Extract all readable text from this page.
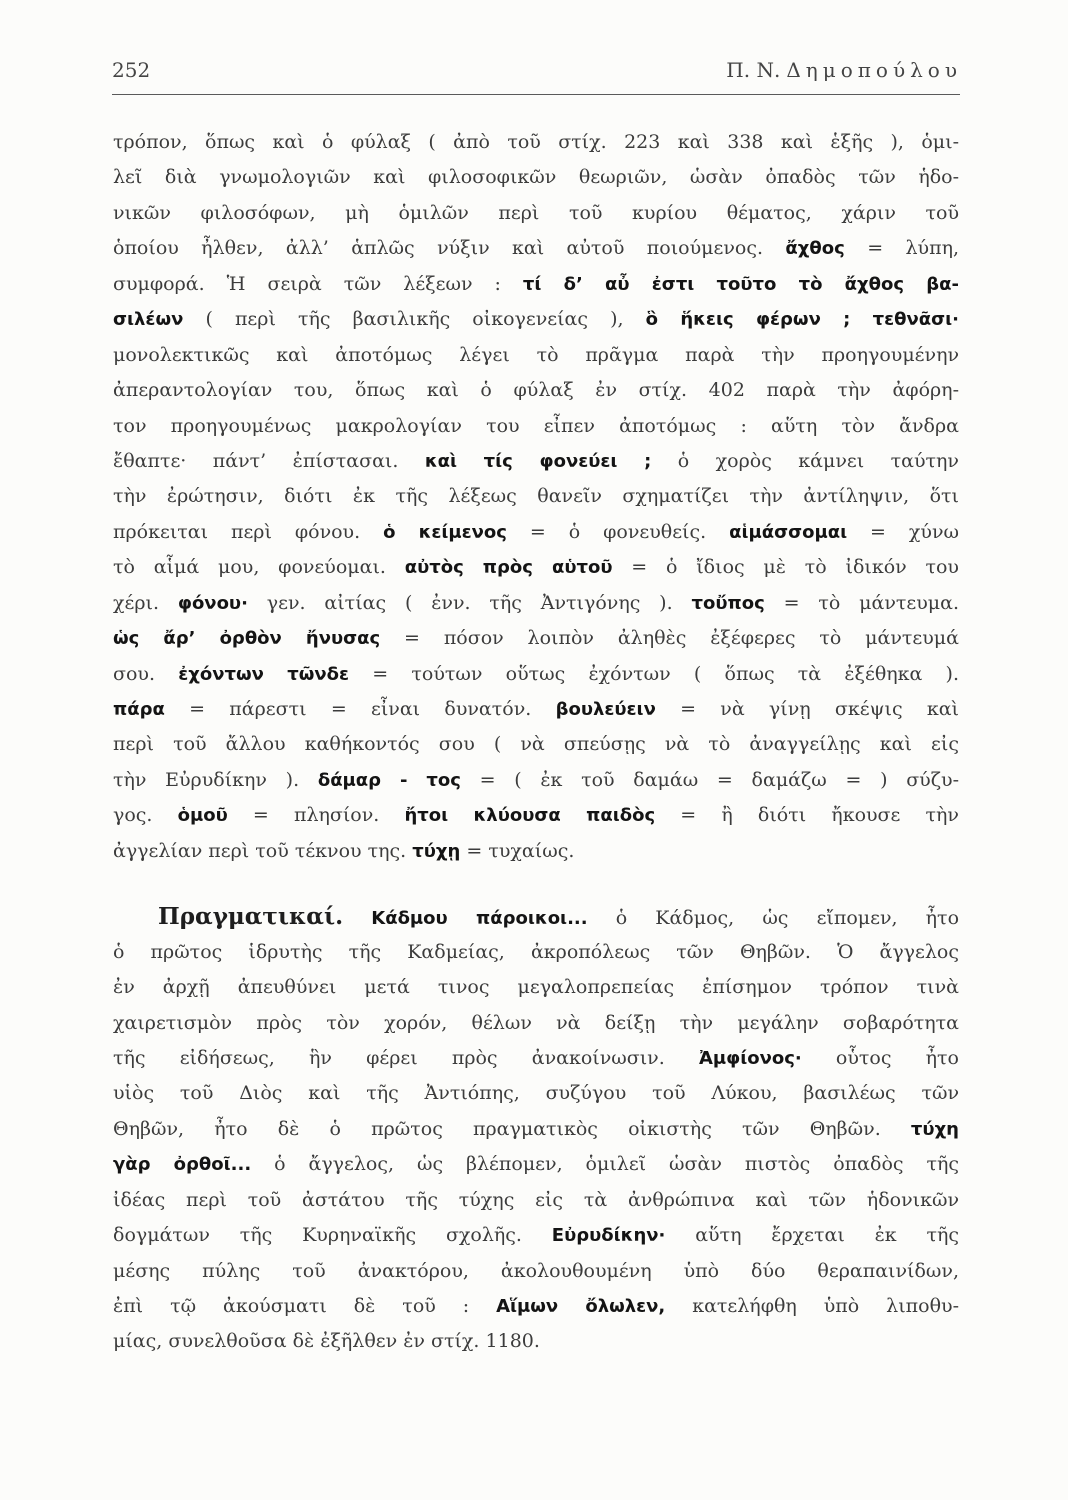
252	Π. Ν. Δημοπούλου
τρόπον, ὅπως καὶ ὁ φύλαξ ( ἀπὸ τοῦ στίχ. 223 καὶ 338 καὶ ἑξῆς ), ὁμι-
λεῖ διὰ γνωμολογιῶν καὶ φιλοσοφικῶν θεωριῶν, ὡσὰν ὀπαδὸς τῶν ἡδο-
νικῶν φιλοσόφων, μὴ ὁμιλῶν περὶ τοῦ κυρίου θέματος, χάριν τοῦ
ὁποίου ἦλθεν, ἀλλ’ ἁπλῶς νύξιν καὶ αὐτοῦ ποιούμενος. ἄχθος = λύπη,
συμφορά. Ἡ σειρὰ τῶν λέξεων : τί δ’ αὖ ἐστι τοῦτο τὸ ἄχθος βα-
σιλέων ( περὶ τῆς βασιλικῆς οἰκογενείας ), ὃ ἥκεις φέρων ; τεθνᾶσι·
μονολεκτικῶς καὶ ἀποτόμως λέγει τὸ πρᾶγμα παρὰ τὴν προηγουμένην
ἀπεραντολογίαν του, ὅπως καὶ ὁ φύλαξ ἐν στίχ. 402 παρὰ τὴν ἀφόρη-
τον προηγουμένως μακρολογίαν του εἶπεν ἀποτόμως : αὕτη τὸν ἄνδρα
ἔθαπτε· πάντ’ ἐπίστασαι. καὶ τίς φονεύει ; ὁ χορὸς κάμνει ταύτην
τὴν ἐρώτησιν, διότι ἐκ τῆς λέξεως θανεῖν σχηματίζει τὴν ἀντίληψιν, ὅτι
πρόκειται περὶ φόνου. ὁ κείμενος = ὁ φονευθείς. αἱμάσσομαι = χύνω
τὸ αἷμά μου, φονεύομαι. αὐτὸς πρὸς αὑτοῦ = ὁ ἴδιος μὲ τὸ ἰδικόν του
χέρι. φόνου· γεν. αἰτίας ( ἐνν. τῆς Ἀντιγόνης ). τοὔπος = τὸ μάντευμα.
ὡς ἄρ’ ὀρθὸν ἤνυσας = πόσον λοιπὸν ἀληθὲς ἐξέφερες τὸ μάντευμά
σου. ἐχόντων τῶνδε = τούτων οὕτως ἐχόντων ( ὅπως τὰ ἐξέθηκα ).
πάρα = πάρεστι = εἶναι δυνατόν. βουλεύειν = νὰ γίνῃ σκέψις καὶ
περὶ τοῦ ἄλλου καθήκοντός σου ( νὰ σπεύσῃς νὰ τὸ ἀναγγείλῃς καὶ εἰς
τὴν Εὐρυδίκην ). δάμαρ - τος = ( ἐκ τοῦ δαμάω = δαμάζω = ) σύζυ-
γος. ὁμοῦ = πλησίον. ἤτοι κλύουσα παιδὸς = ἢ διότι ἤκουσε τὴν
ἀγγελίαν περὶ τοῦ τέκνου της. τύχῃ = τυχαίως.
Πραγματικαί. Κάδμου πάροικοι... ὁ Κάδμος, ὡς εἴπομεν, ἦτο
ὁ πρῶτος ἱδρυτὴς τῆς Καδμείας, ἀκροπόλεως τῶν Θηβῶν. Ὁ ἄγγελος
ἐν ἀρχῇ ἀπευθύνει μετά τινος μεγαλοπρεπείας ἐπίσημον τρόπον τινὰ
χαιρετισμὸν πρὸς τὸν χορόν, θέλων νὰ δείξῃ τὴν μεγάλην σοβαρότητα
τῆς εἰδήσεως, ἣν φέρει πρὸς ἀνακοίνωσιν. Ἀμφίονος· οὗτος ἦτο
υἱὸς τοῦ Διὸς καὶ τῆς Ἀντιόπης, συζύγου τοῦ Λύκου, βασιλέως τῶν
Θηβῶν, ἦτο δὲ ὁ πρῶτος πραγματικὸς οἰκιστὴς τῶν Θηβῶν. τύχη
γὰρ ὀρθοῖ... ὁ ἄγγελος, ὡς βλέπομεν, ὁμιλεῖ ὡσὰν πιστὸς ὀπαδὸς τῆς
ἰδέας περὶ τοῦ ἀστάτου τῆς τύχης εἰς τὰ ἀνθρώπινα καὶ τῶν ἡδονικῶν
δογμάτων τῆς Κυρηναϊκῆς σχολῆς. Εὐρυδίκην· αὕτη ἔρχεται ἐκ τῆς
μέσης πύλης τοῦ ἀνακτόρου, ἀκολουθουμένη ὑπὸ δύο θεραπαινίδων,
ἐπὶ τῷ ἀκούσματι δὲ τοῦ : Αἵμων ὄλωλεν, κατελήφθη ὑπὸ λιποθυ-
μίας, συνελθοῦσα δὲ ἐξῆλθεν ἐν στίχ. 1180.
